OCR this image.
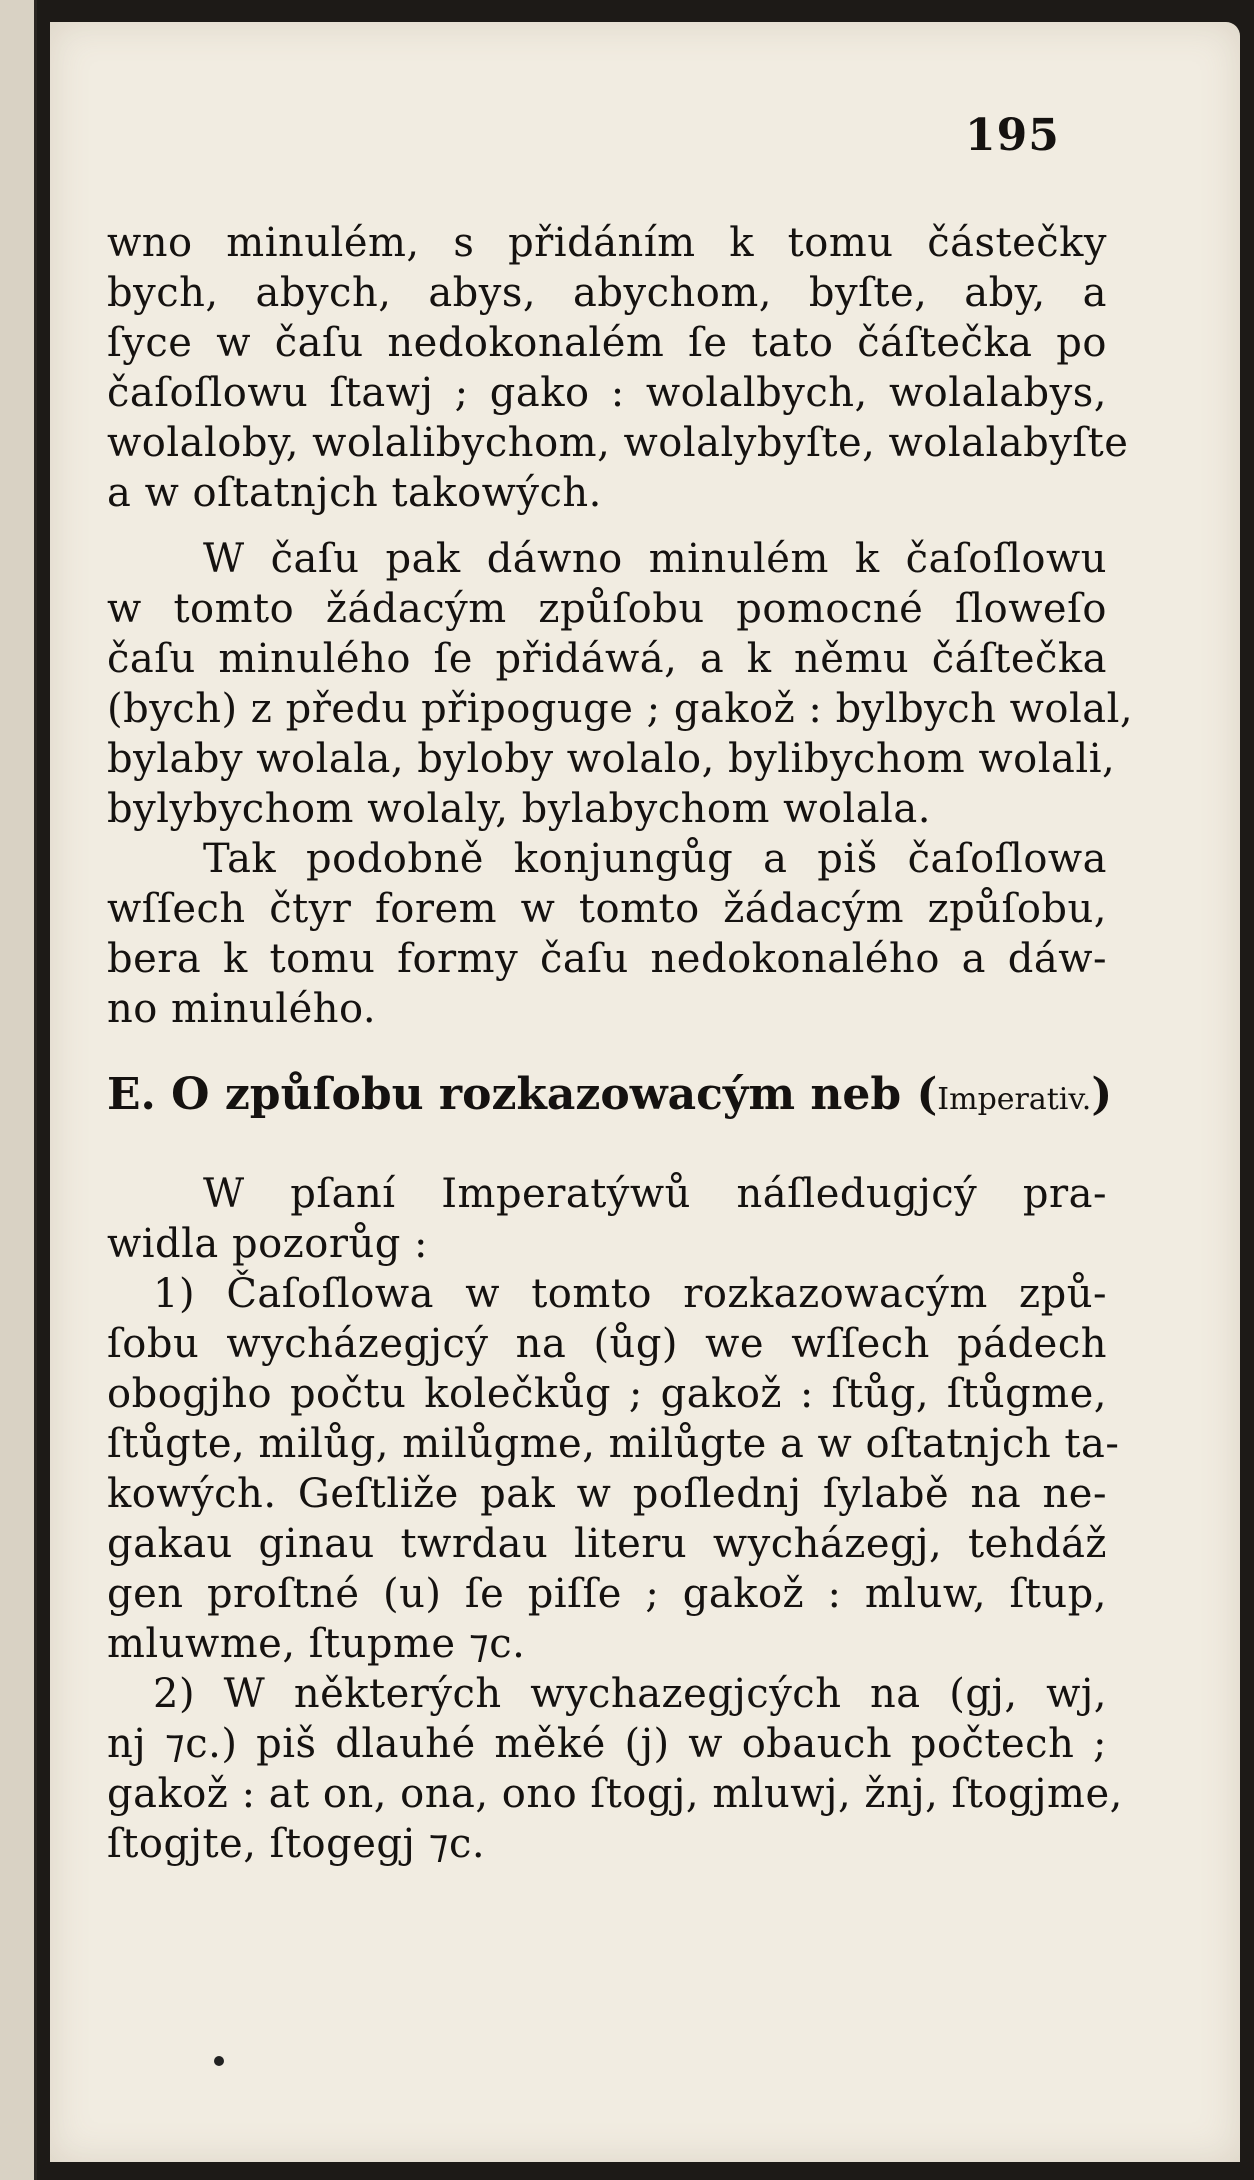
195
wno minulém, s přidáním k tomu částečky
bych, abych, abys, abychom, byſte, aby, a
ſyce w čaſu nedokonalém ſe tato čáſtečka po
čaſoſlowu ſtawj ; gako : wolalbych, wolalabys,
wolaloby, wolalibychom, wolalybyſte, wolalabyſte
a w oſtatnjch takowých.
W čaſu pak dáwno minulém k čaſoſlowu
w tomto žádacým způſobu pomocné ſloweſo
čaſu minulého ſe přidáwá, a k němu čáſtečka
(bych) z předu připoguge ; gakož : bylbych wolal,
bylaby wolala, byloby wolalo, bylibychom wolali,
bylybychom wolaly, bylabychom wolala.
Tak podobně konjungůg a piš čaſoſlowa
wſſech čtyr forem w tomto žádacým způſobu,
bera k tomu formy čaſu nedokonalého a dáw-
no minulého.
E. O způſobu rozkazowacým neb (Imperativ.)
W pſaní Imperatýwů náſledugjcý pra-
widla pozorůg :
1) Čaſoſlowa w tomto rozkazowacým způ-
ſobu wycházegjcý na (ůg) we wſſech pádech
obogjho počtu kolečkůg ; gakož : ſtůg, ſtůgme,
ſtůgte, milůg, milůgme, milůgte a w oſtatnjch ta-
kowých. Geſtliže pak w poſlednj ſylabě na ne-
gakau ginau twrdau literu wycházegj, tehdáž
gen proſtné (u) ſe piſſe ; gakož : mluw, ſtup,
mluwme, ſtupme ⁊c.
2) W některých wychazegjcých na (gj, wj,
nj ⁊c.) piš dlauhé měké (j) w obauch počtech ;
gakož : at on, ona, ono ſtogj, mluwj, žnj, ſtogjme,
ſtogjte, ſtogegj ⁊c.
